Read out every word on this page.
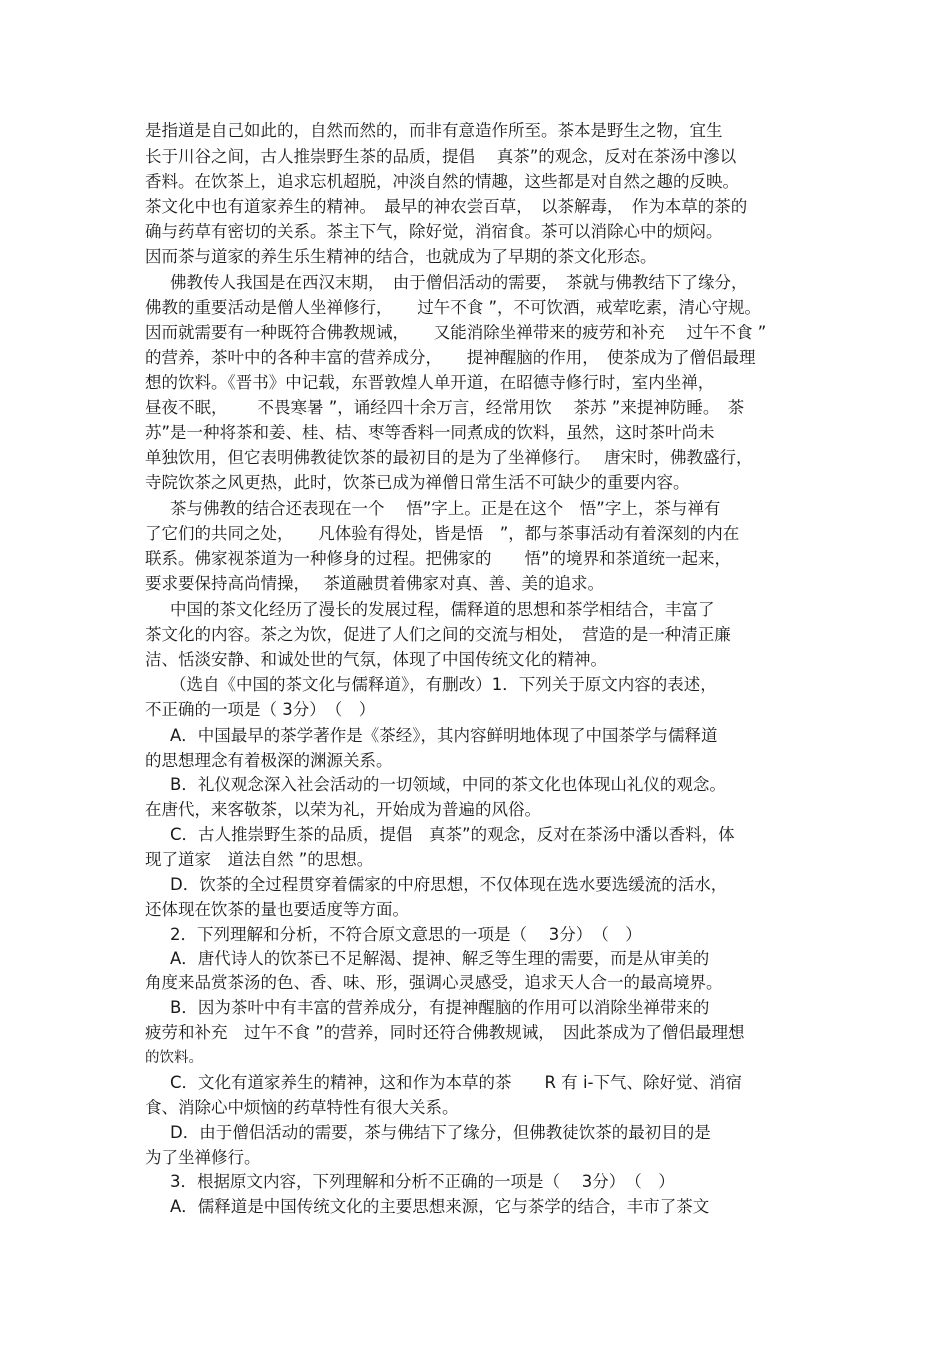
是指道是自己如此的，自然而然的，而非有意造作所至。茶本是野生之物，宜生
长于川谷之间，古人推崇野生茶的品质，提倡　 真茶”的观念，反对在茶汤中滲以
香料。在饮茶上，追求忘机超脱，冲淡自然的情趣，这些都是对自然之趣的反映。
茶文化中也有道家养生的精神。　最早的神农尝百草，　以茶解毒，　作为本草的茶的
确与药草有密切的关系。茶主下气，除好觉，消宿食。茶可以消除心中的烦闷。
因而茶与道家的养生乐生精神的结合，也就成为了早期的茶文化形态。
佛教传人我国是在西汉末期，　由于僧侣活动的需要，　茶就与佛教结下了缘分，
佛教的重要活动是僧人坐禅修行，　　过午不食 ”，不可饮酒，戒荤吃素，清心守规。
因而就需要有一种既符合佛教规诫，　　又能消除坐禅带来的疲劳和补充　 过午不食 ”
的营养，茶叶中的各种丰富的营养成分，　　提神醒脑的作用，　使茶成为了僧侣最理
想的饮料。《晋书》中记载，东晋敦煌人单开道，在昭德寺修行时，室内坐禅，
昼夜不眠，　　 不畏寒暑 ”，诵经四十余万言，经常用饮　 茶苏 ”来提神防睡。　茶
苏”是一种将茶和姜、桂、桔、枣等香料一同煮成的饮料，虽然，这时茶叶尚未
单独饮用，但它表明佛教徒饮茶的最初目的是为了坐禅修行。　 唐宋时，佛教盛行，
寺院饮茶之风更热，此时，饮茶已成为禅僧日常生活不可缺少的重要内容。
茶与佛教的结合还表现在一个　 悟”字上。正是在这个　悟”字上，茶与禅有
了它们的共同之处，　　凡体验有得处，皆是悟　”，都与茶事活动有着深刻的内在
联系。佛家视茶道为一种修身的过程。把佛家的　　悟”的境界和茶道统一起来，
要求要保持高尚情操，　 茶道融贯着佛家对真、善、美的追求。
中国的茶文化经历了漫长的发展过程，儒释道的思想和茶学相结合，丰富了
茶文化的内容。茶之为饮，促进了人们之间的交流与相处，　营造的是一种清正廉
洁、恬淡安静、和诚处世的气氛，体现了中国传统文化的精神。
（选自《中国的茶文化与儒释道》，有删改）1．下列关于原文内容的表述，
不正确的一项是（ 3分）　（　）
A．中国最早的茶学著作是《茶经》，其内容鲜明地体现了中国茶学与儒释道
的思想理念有着极深的渊源关系。
B．礼仪观念深入社会活动的一切领域，中同的茶文化也体现山礼仪的观念。
在唐代，来客敬茶，以荣为礼，开始成为普遍的风俗。
C．古人推崇野生茶的品质，提倡　真茶”的观念，反对在茶汤中潘以香料，体
现了道家　道法自然 ”的思想。
D．饮茶的全过程贯穿着儒家的中府思想，不仅体现在选水要选缓流的活水，
还体现在饮茶的量也要适度等方面。
2．下列理解和分析，不符合原文意思的一项是（　 3分）　（　）
A．唐代诗人的饮茶已不足解渴、提神、解乏等生理的需要，而是从审美的
角度来品赏茶汤的色、香、味、形，强调心灵感受，追求天人合一的最高境界。
B．因为茶叶中有丰富的营养成分，有提神醒脑的作用可以消除坐禅带来的
疲劳和补充　过午不食 ”的营养，同时还符合佛教规诫，　因此茶成为了僧侣最理想
的饮料。
C．文化有道家养生的精神，这和作为本草的茶　　R 有 i-下气、除好觉、消宿
食、消除心中烦恼的药草特性有很大关系。
D．由于僧侣活动的需要，茶与佛结下了缘分，但佛教徒饮茶的最初目的是
为了坐禅修行。
3．根据原文内容，下列理解和分析不正确的一项是（　 3分）　（　）
A．儒释道是中国传统文化的主要思想来源，它与茶学的结合，丰市了茶文
